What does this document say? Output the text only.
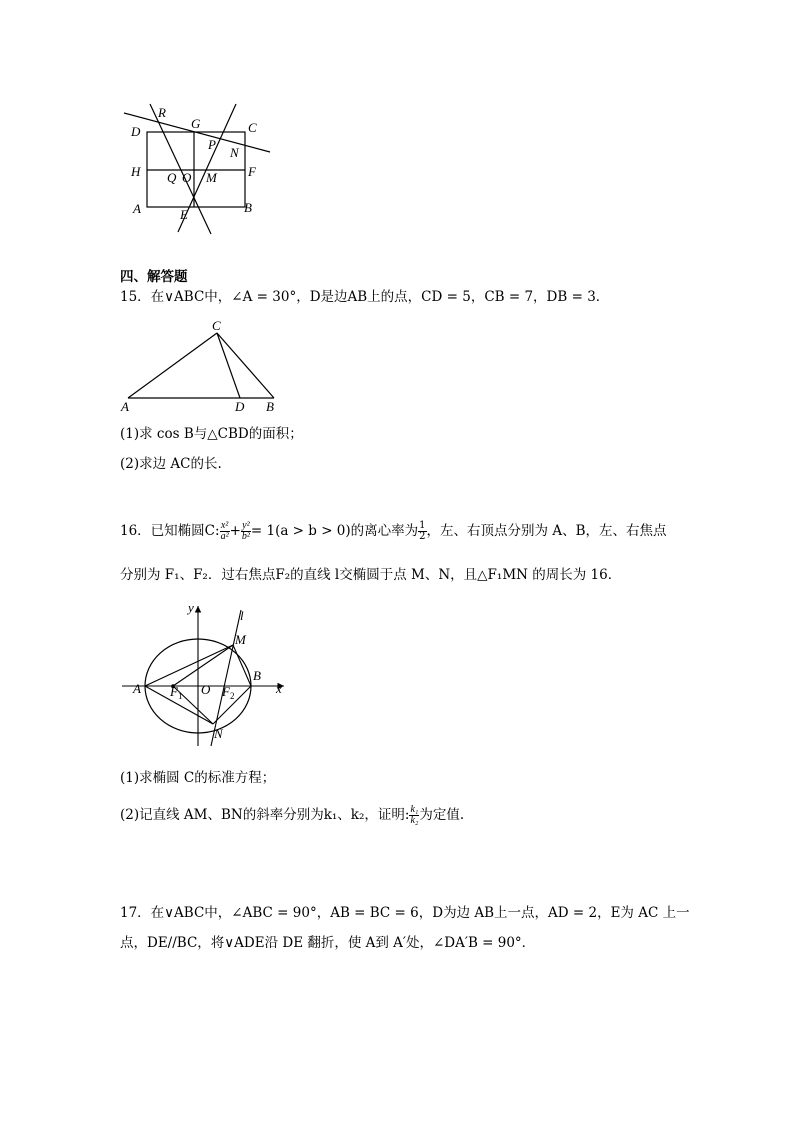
R
G	C
D
P
N
H Q O M F
A	E	B
四、解答题
15．在∨ABC中，∠A = 30°，D是边AB上的点，CD = 5，CB = 7，DB = 3．
C
A	D B
(1)求 cos B与△CBD的面积；
(2)求边 AC的长.
16．已知椭圆C: $\frac{\text{x²}}{\text{a²}} + \frac{\text{y²}}{\text{b²}} = 1(a > b > 0)$的离心率为 $\frac{1}{2}$ ，左、右顶点分别为 A、B，左、右焦点
分别为 F₁、F₂．过右焦点F₂的直线 l交椭圆于点 M、N，且△F₁MN 的周长为 16．
y
l
M
A $F_1$ O $F_2$
B
x
N
(1)求椭圆 C的标准方程；
(2)记直线 AM、BN的斜率分别为k₁、k₂，证明: $\frac{\text{k₁}}{\text{k₂}}$ 为定值.
17．在∨ABC中，∠ABC = 90°，AB = BC = 6，D为边 AB上一点，AD = 2，E为 AC 上一
点，DE//BC，将∨ADE沿 DE 翻折，使 A到 A′处，∠DA′B = 90°．
